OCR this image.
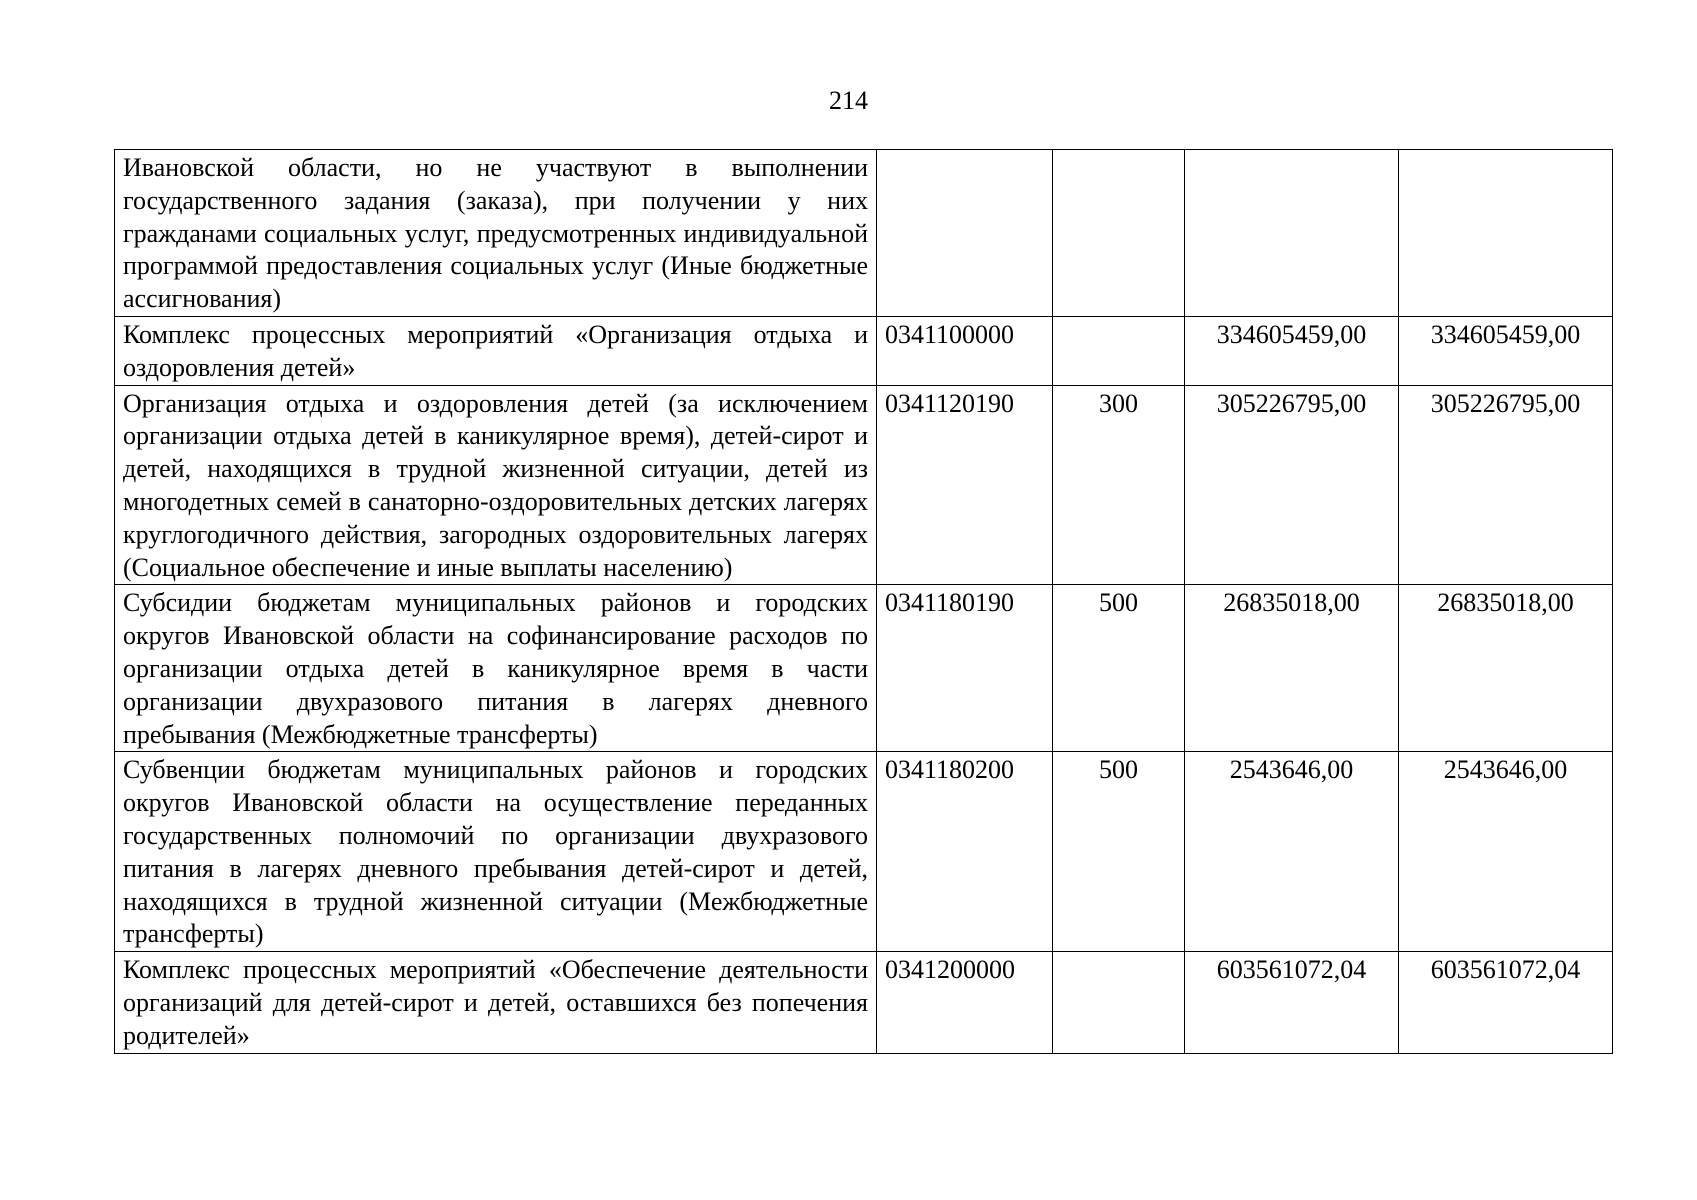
214
Ивановской области, но не участвуют в выполнении государственного задания (заказа), при получении у них гражданами социальных услуг, предусмотренных индивидуальной программой предоставления социальных услуг (Иные бюджетные ассигнования)				
Комплекс процессных мероприятий «Организация отдыха и оздоровления детей»	0341100000		334605459,00	334605459,00
Организация отдыха и оздоровления детей (за исключением организации отдыха детей в каникулярное время), детей-сирот и детей, находящихся в трудной жизненной ситуации, детей из многодетных семей в санаторно-оздоровительных детских лагерях круглогодичного действия, загородных оздоровительных лагерях (Социальное обеспечение и иные выплаты населению)	0341120190	300	305226795,00	305226795,00
Субсидии бюджетам муниципальных районов и городских округов Ивановской области на софинансирование расходов по организации отдыха детей в каникулярное время в части организации двухразового питания в лагерях дневного пребывания (Межбюджетные трансферты)	0341180190	500	26835018,00	26835018,00
Субвенции бюджетам муниципальных районов и городских округов Ивановской области на осуществление переданных государственных полномочий по организации двухразового питания в лагерях дневного пребывания детей-сирот и детей, находящихся в трудной жизненной ситуации (Межбюджетные трансферты)	0341180200	500	2543646,00	2543646,00
Комплекс процессных мероприятий «Обеспечение деятельности организаций для детей-сирот и детей, оставшихся без попечения родителей»	0341200000		603561072,04	603561072,04
